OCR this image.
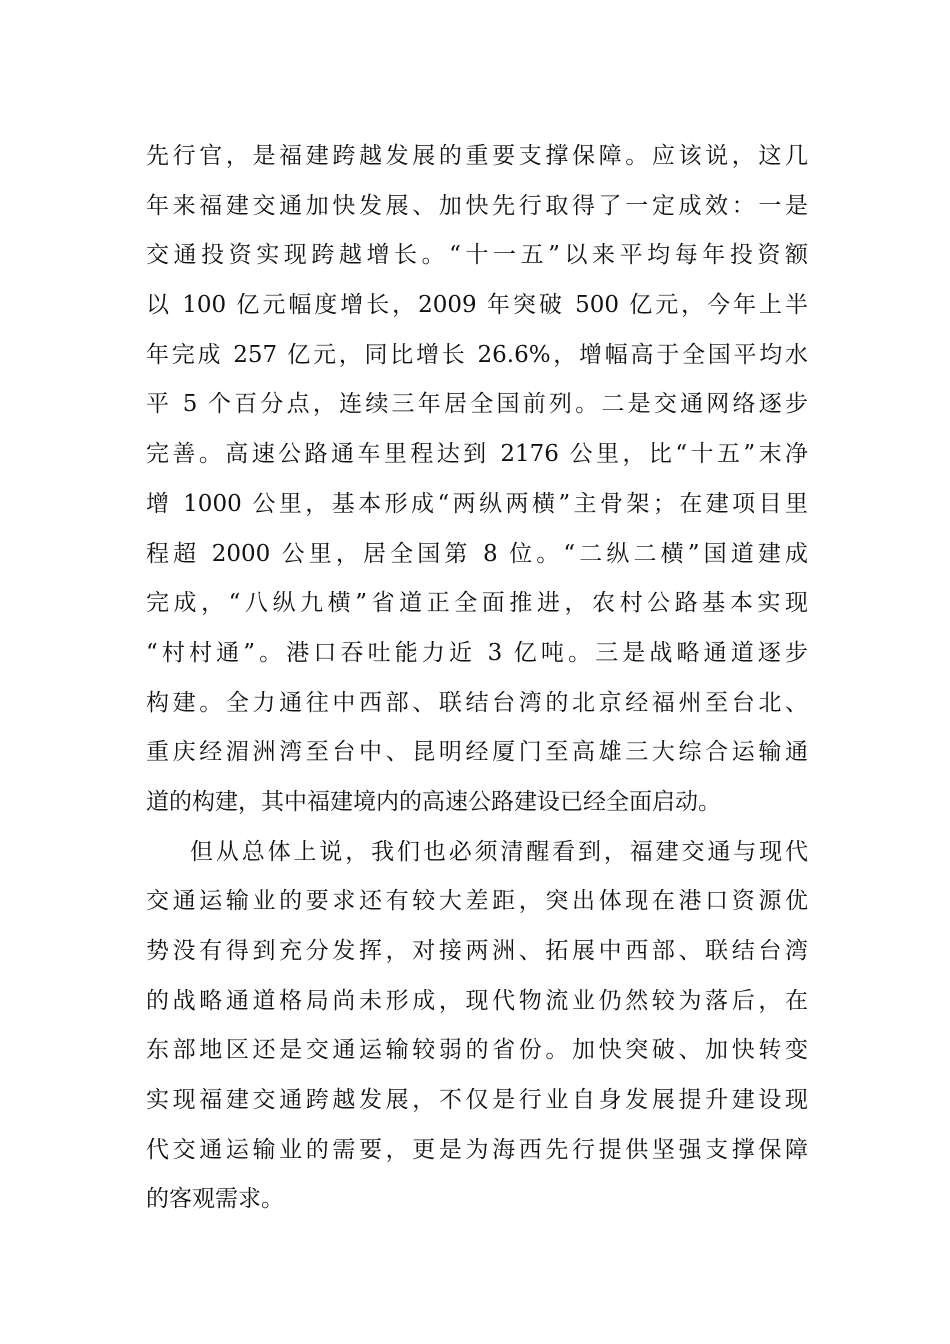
先行官，是福建跨越发展的重要支撑保障。应该说，这几
年来福建交通加快发展、加快先行取得了一定成效：一是
交通投资实现跨越增长。“十一五”以来平均每年投资额
以 100 亿元幅度增长，2009 年突破 500 亿元，今年上半
年完成 257 亿元，同比增长 26.6%，增幅高于全国平均水
平 5 个百分点，连续三年居全国前列。二是交通网络逐步
完善。高速公路通车里程达到 2176 公里，比“十五”末净
增 1000 公里，基本形成“两纵两横”主骨架；在建项目里
程超 2000 公里，居全国第 8 位。“二纵二横”国道建成
完成，“八纵九横”省道正全面推进，农村公路基本实现
“村村通”。港口吞吐能力近 3 亿吨。三是战略通道逐步
构建。全力通往中西部、联结台湾的北京经福州至台北、
重庆经湄洲湾至台中、昆明经厦门至高雄三大综合运输通
道的构建，其中福建境内的高速公路建设已经全面启动。
但从总体上说，我们也必须清醒看到，福建交通与现代
交通运输业的要求还有较大差距，突出体现在港口资源优
势没有得到充分发挥，对接两洲、拓展中西部、联结台湾
的战略通道格局尚未形成，现代物流业仍然较为落后，在
东部地区还是交通运输较弱的省份。加快突破、加快转变
实现福建交通跨越发展，不仅是行业自身发展提升建设现
代交通运输业的需要，更是为海西先行提供坚强支撑保障
的客观需求。
